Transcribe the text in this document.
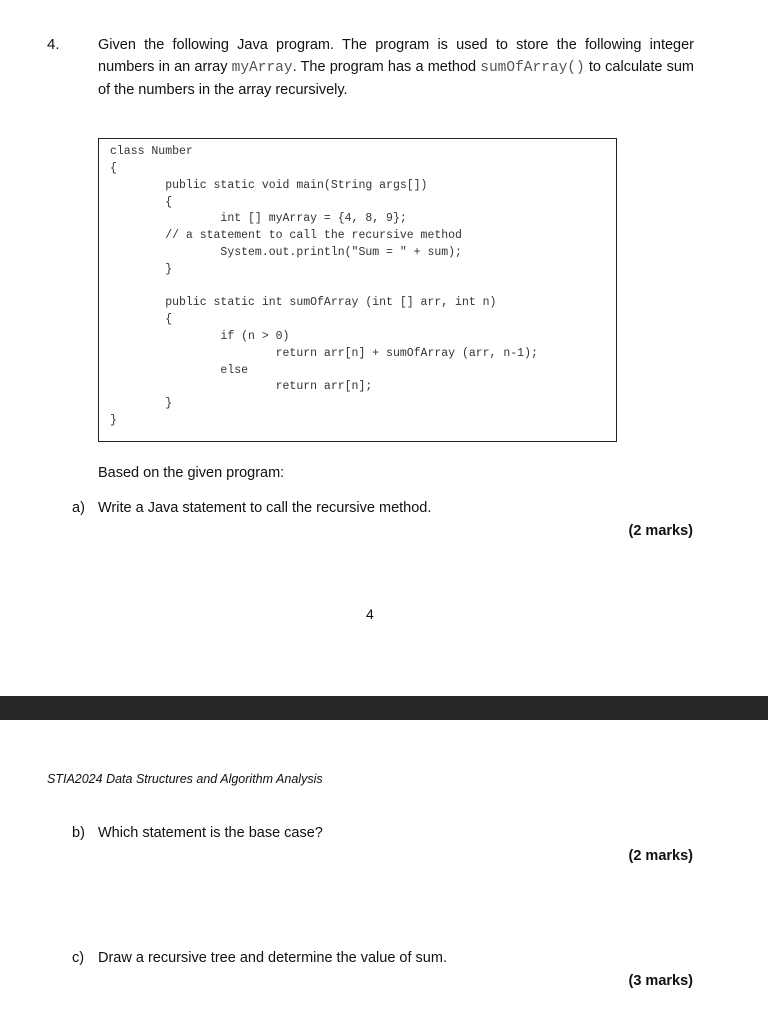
4.	Given the following Java program. The program is used to store the following integer numbers in an array myArray. The program has a method sumOfArray() to calculate sum of the numbers in the array recursively.
class Number
{
public static void main(String args[])
{
int [] myArray = {4, 8, 9};
// a statement to call the recursive method
System.out.println("Sum = " + sum);
}
public static int sumOfArray (int [] arr, int n)
{
if (n > 0)
return arr[n] + sumOfArray (arr, n-1);
else
return arr[n];
}
}
Based on the given program:
a) Write a Java statement to call the recursive method.
(2 marks)
4
STIA2024 Data Structures and Algorithm Analysis
b) Which statement is the base case?
(2 marks)
c) Draw a recursive tree and determine the value of sum.
(3 marks)
